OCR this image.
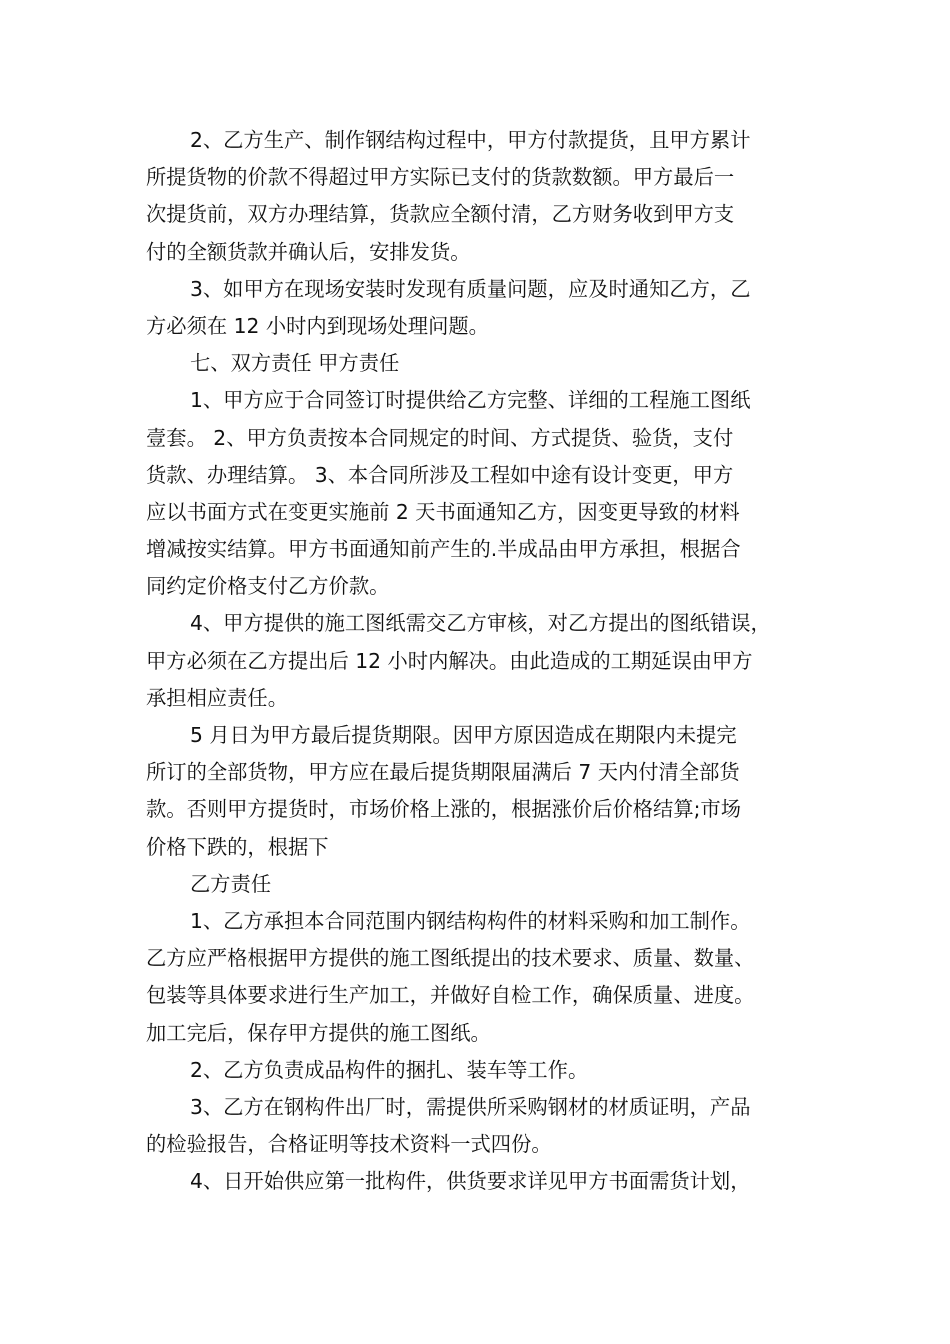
2、乙方生产、制作钢结构过程中，甲方付款提货，且甲方累计
所提货物的价款不得超过甲方实际已支付的货款数额。甲方最后一
次提货前，双方办理结算，货款应全额付清，乙方财务收到甲方支
付的全额货款并确认后，安排发货。
3、如甲方在现场安装时发现有质量问题，应及时通知乙方，乙
方必须在 12 小时内到现场处理问题。
七、双方责任 甲方责任
1、甲方应于合同签订时提供给乙方完整、详细的工程施工图纸
壹套。 2、甲方负责按本合同规定的时间、方式提货、验货，支付
货款、办理结算。 3、本合同所涉及工程如中途有设计变更，甲方
应以书面方式在变更实施前 2 天书面通知乙方，因变更导致的材料
增减按实结算。甲方书面通知前产生的.半成品由甲方承担，根据合
同约定价格支付乙方价款。
4、甲方提供的施工图纸需交乙方审核，对乙方提出的图纸错误，
甲方必须在乙方提出后 12 小时内解决。由此造成的工期延误由甲方
承担相应责任。
5 月日为甲方最后提货期限。因甲方原因造成在期限内未提完
所订的全部货物，甲方应在最后提货期限届满后 7 天内付清全部货
款。否则甲方提货时，市场价格上涨的，根据涨价后价格结算;市场
价格下跌的，根据下
乙方责任
1、乙方承担本合同范围内钢结构构件的材料采购和加工制作。
乙方应严格根据甲方提供的施工图纸提出的技术要求、质量、数量、
包装等具体要求进行生产加工，并做好自检工作，确保质量、进度。
加工完后，保存甲方提供的施工图纸。
2、乙方负责成品构件的捆扎、装车等工作。
3、乙方在钢构件出厂时，需提供所采购钢材的材质证明，产品
的检验报告，合格证明等技术资料一式四份。
4、日开始供应第一批构件，供货要求详见甲方书面需货计划，
